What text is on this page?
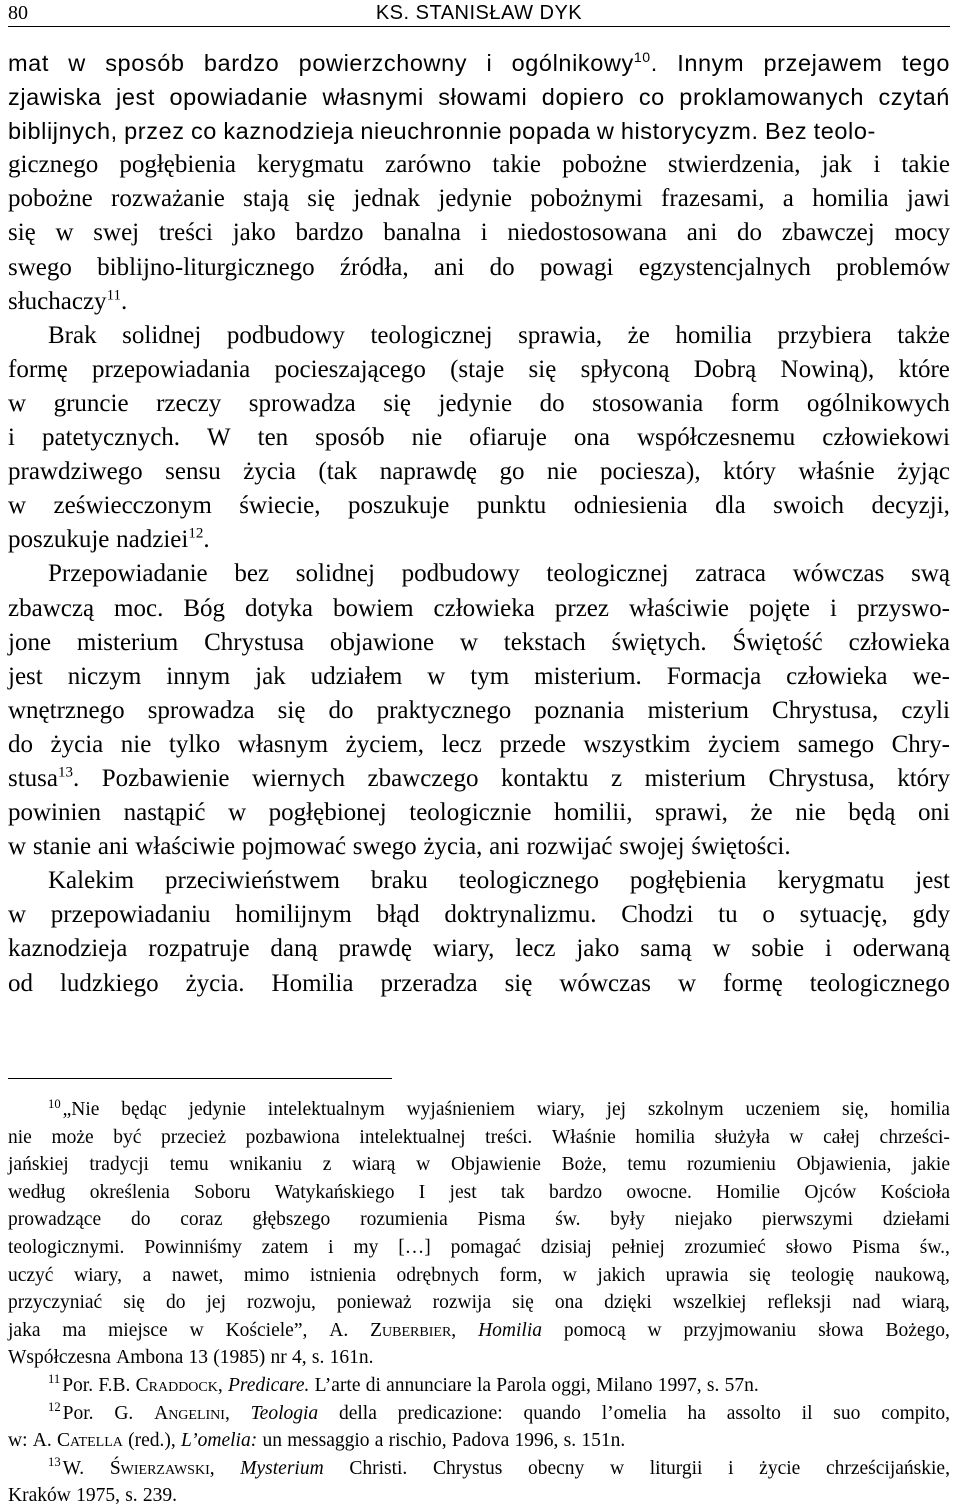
80	KS. STANISŁAW DYK
mat w sposób bardzo powierzchowny i ogólnikowy$^{10}$. Innym przejawem tego
zjawiska jest opowiadanie własnymi słowami dopiero co proklamowanych czytań
biblijnych, przez co kaznodzieja nieuchronnie popada w historycyzm. Bez teolo-
gicznego pogłębienia kerygmatu zarówno takie pobożne stwierdzenia, jak i takie
pobożne rozważanie stają się jednak jedynie pobożnymi frazesami, a homilia jawi
się w swej treści jako bardzo banalna i niedostosowana ani do zbawczej mocy
swego biblijno-liturgicznego źródła, ani do powagi egzystencjalnych problemów
słuchaczy$^{11}$.
Brak solidnej podbudowy teologicznej sprawia, że homilia przybiera także
formę przepowiadania pocieszającego (staje się spłyconą Dobrą Nowiną), które
w gruncie rzeczy sprowadza się jedynie do stosowania form ogólnikowych
i patetycznych. W ten sposób nie ofiaruje ona współczesnemu człowiekowi
prawdziwego sensu życia (tak naprawdę go nie pociesza), który właśnie żyjąc
w zeświecczonym świecie, poszukuje punktu odniesienia dla swoich decyzji,
poszukuje nadziei$^{12}$.
Przepowiadanie bez solidnej podbudowy teologicznej zatraca wówczas swą
zbawczą moc. Bóg dotyka bowiem człowieka przez właściwie pojęte i przyswo-
jone misterium Chrystusa objawione w tekstach świętych. Świętość człowieka
jest niczym innym jak udziałem w tym misterium. Formacja człowieka we-
wnętrznego sprowadza się do praktycznego poznania misterium Chrystusa, czyli
do życia nie tylko własnym życiem, lecz przede wszystkim życiem samego Chry-
stusa$^{13}$. Pozbawienie wiernych zbawczego kontaktu z misterium Chrystusa, który
powinien nastąpić w pogłębionej teologicznie homilii, sprawi, że nie będą oni
w stanie ani właściwie pojmować swego życia, ani rozwijać swojej świętości.
Kalekim przeciwieństwem braku teologicznego pogłębienia kerygmatu jest
w przepowiadaniu homilijnym błąd doktrynalizmu. Chodzi tu o sytuację, gdy
kaznodzieja rozpatruje daną prawdę wiary, lecz jako samą w sobie i oderwaną
od ludzkiego życia. Homilia przeradza się wówczas w formę teologicznego
$^{10}$ „Nie będąc jedynie intelektualnym wyjaśnieniem wiary, jej szkolnym uczeniem się, homilia
nie może być przecież pozbawiona intelektualnej treści. Właśnie homilia służyła w całej chrześci-
jańskiej tradycji temu wnikaniu z wiarą w Objawienie Boże, temu rozumieniu Objawienia, jakie
według określenia Soboru Watykańskiego I jest tak bardzo owocne. Homilie Ojców Kościoła
prowadzące do coraz głębszego rozumienia Pisma św. były niejako pierwszymi dziełami
teologicznymi. Powinniśmy zatem i my […] pomagać dzisiaj pełniej zrozumieć słowo Pisma św.,
uczyć wiary, a nawet, mimo istnienia odrębnych form, w jakich uprawia się teologię naukową,
przyczyniać się do jej rozwoju, ponieważ rozwija się ona dzięki wszelkiej refleksji nad wiarą,
jaka ma miejsce w Kościele”, A. Zuberbier, Homilia pomocą w przyjmowaniu słowa Bożego,
Współczesna Ambona 13 (1985) nr 4, s. 161n.
$^{11}$ Por. F.B. Craddock, Predicare. L’arte di annunciare la Parola oggi, Milano 1997, s. 57n.
$^{12}$ Por. G. Angelini, Teologia della predicazione: quando l’omelia ha assolto il suo compito,
w: A. Catella (red.), L’omelia: un messaggio a rischio, Padova 1996, s. 151n.
$^{13}$ W. Świerzawski, Mysterium Christi. Chrystus obecny w liturgii i życie chrześcijańskie,
Kraków 1975, s. 239.
